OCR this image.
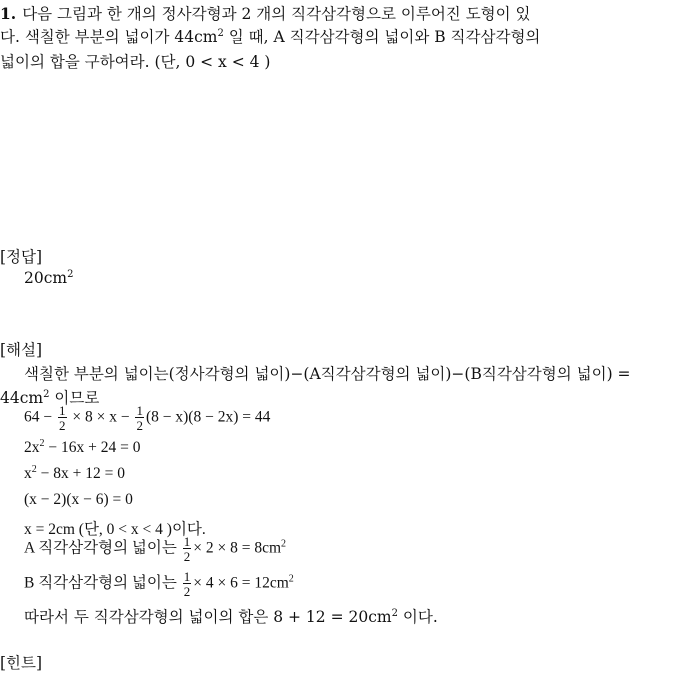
1. 다음 그림과 한 개의 정사각형과 2 개의 직각삼각형으로 이루어진 도형이 있
다. 색칠한 부분의 넓이가 $44cm^2$ 일 때, A 직각삼각형의 넓이와 B 직각삼각형의
넓이의 합을 구하여라. (단, 0 < x < 4 )
[정답]
$20cm^2$
[해설]
색칠한 부분의 넓이는(정사각형의 넓이)−(A직각삼각형의 넓이)−(B직각삼각형의 넓이) =
$44cm^2$ 이므로
$64 - \frac{1}{2} \times 8 \times x - \frac{1}{2} (8 - x)(8 - 2x) = 44$
$2x^2 - 16x + 24 = 0$
$x^2 - 8x + 12 = 0$
(x − 2)(x − 6) = 0
x = 2cm (단, 0 < x < 4 )이다.
A 직각삼각형의 넓이는 $\frac{1}{2} \times 2 \times 8 = 8cm^2$
B 직각삼각형의 넓이는 $\frac{1}{2} \times 4 \times 6 = 12cm^2$
따라서 두 직각삼각형의 넓이의 합은 $8 + 12 = 20cm^2$ 이다.
[힌트]
